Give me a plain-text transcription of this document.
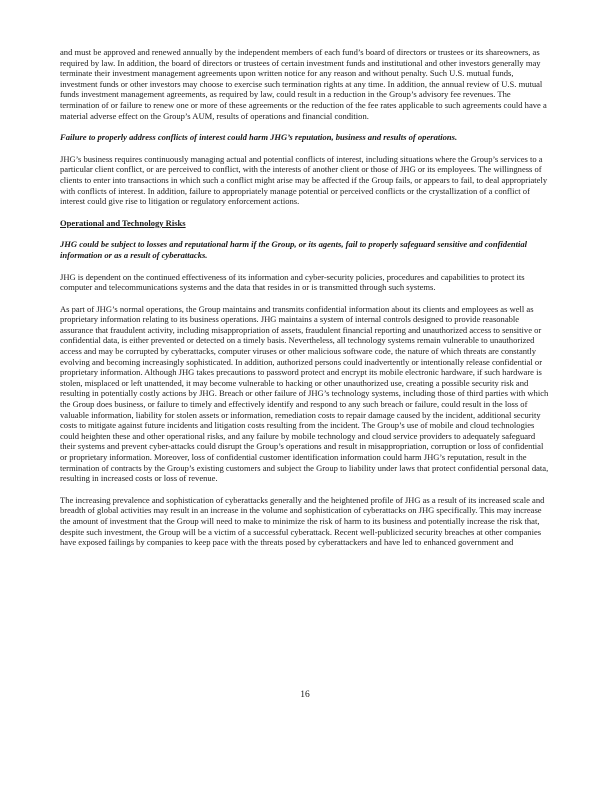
and must be approved and renewed annually by the independent members of each fund’s board of directors or trustees or its shareowners, as required by law. In addition, the board of directors or trustees of certain investment funds and institutional and other investors generally may terminate their investment management agreements upon written notice for any reason and without penalty. Such U.S. mutual funds, investment funds or other investors may choose to exercise such termination rights at any time. In addition, the annual review of U.S. mutual funds investment management agreements, as required by law, could result in a reduction in the Group’s advisory fee revenues. The termination of or failure to renew one or more of these agreements or the reduction of the fee rates applicable to such agreements could have a material adverse effect on the Group’s AUM, results of operations and financial condition.

Failure to properly address conflicts of interest could harm JHG’s reputation, business and results of operations.

JHG’s business requires continuously managing actual and potential conflicts of interest, including situations where the Group’s services to a particular client conflict, or are perceived to conflict, with the interests of another client or those of JHG or its employees. The willingness of clients to enter into transactions in which such a conflict might arise may be affected if the Group fails, or appears to fail, to deal appropriately with conflicts of interest. In addition, failure to appropriately manage potential or perceived conflicts or the crystallization of a conflict of interest could give rise to litigation or regulatory enforcement actions.

Operational and Technology Risks

JHG could be subject to losses and reputational harm if the Group, or its agents, fail to properly safeguard sensitive and confidential information or as a result of cyberattacks.

JHG is dependent on the continued effectiveness of its information and cyber-security policies, procedures and capabilities to protect its computer and telecommunications systems and the data that resides in or is transmitted through such systems.

As part of JHG’s normal operations, the Group maintains and transmits confidential information about its clients and employees as well as proprietary information relating to its business operations. JHG maintains a system of internal controls designed to provide reasonable assurance that fraudulent activity, including misappropriation of assets, fraudulent financial reporting and unauthorized access to sensitive or confidential data, is either prevented or detected on a timely basis. Nevertheless, all technology systems remain vulnerable to unauthorized access and may be corrupted by cyberattacks, computer viruses or other malicious software code, the nature of which threats are constantly evolving and becoming increasingly sophisticated. In addition, authorized persons could inadvertently or intentionally release confidential or proprietary information. Although JHG takes precautions to password protect and encrypt its mobile electronic hardware, if such hardware is stolen, misplaced or left unattended, it may become vulnerable to hacking or other unauthorized use, creating a possible security risk and resulting in potentially costly actions by JHG. Breach or other failure of JHG’s technology systems, including those of third parties with which the Group does business, or failure to timely and effectively identify and respond to any such breach or failure, could result in the loss of valuable information, liability for stolen assets or information, remediation costs to repair damage caused by the incident, additional security costs to mitigate against future incidents and litigation costs resulting from the incident. The Group’s use of mobile and cloud technologies could heighten these and other operational risks, and any failure by mobile technology and cloud service providers to adequately safeguard their systems and prevent cyber-attacks could disrupt the Group’s operations and result in misappropriation, corruption or loss of confidential or proprietary information. Moreover, loss of confidential customer identification information could harm JHG’s reputation, result in the termination of contracts by the Group’s existing customers and subject the Group to liability under laws that protect confidential personal data, resulting in increased costs or loss of revenue.

The increasing prevalence and sophistication of cyberattacks generally and the heightened profile of JHG as a result of its increased scale and breadth of global activities may result in an increase in the volume and sophistication of cyberattacks on JHG specifically. This may increase the amount of investment that the Group will need to make to minimize the risk of harm to its business and potentially increase the risk that, despite such investment, the Group will be a victim of a successful cyberattack. Recent well-publicized security breaches at other companies have exposed failings by companies to keep pace with the threats posed by cyberattackers and have led to enhanced government and

16
